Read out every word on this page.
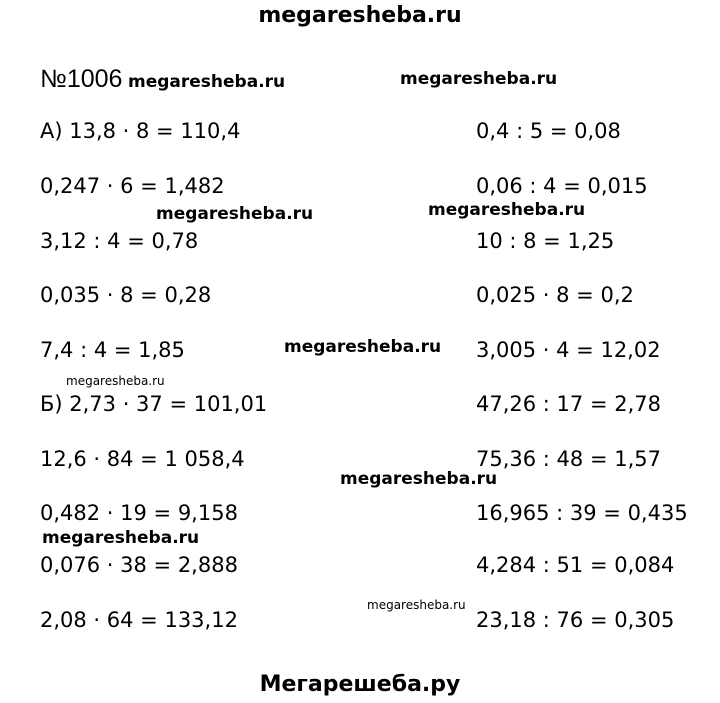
megaresheba.ru
№1006
А) 13,8 · 8 = 110,4
0,247 · 6 = 1,482
3,12 : 4 = 0,78
0,035 · 8 = 0,28
7,4 : 4 = 1,85
Б) 2,73 · 37 = 101,01
12,6 · 84 = 1 058,4
0,482 · 19 = 9,158
0,076 · 38 = 2,888
2,08 · 64 = 133,12
0,4 : 5 = 0,08
0,06 : 4 = 0,015
10 : 8 = 1,25
0,025 · 8 = 0,2
3,005 · 4 = 12,02
47,26 : 17 = 2,78
75,36 : 48 = 1,57
16,965 : 39 = 0,435
4,284 : 51 = 0,084
23,18 : 76 = 0,305
megaresheba.ru	megaresheba.ru
megaresheba.ru	megaresheba.ru
megaresheba.ru
megaresheba.ru
megaresheba.ru
megaresheba.ru
megaresheba.ru
Мегарешеба.ру
